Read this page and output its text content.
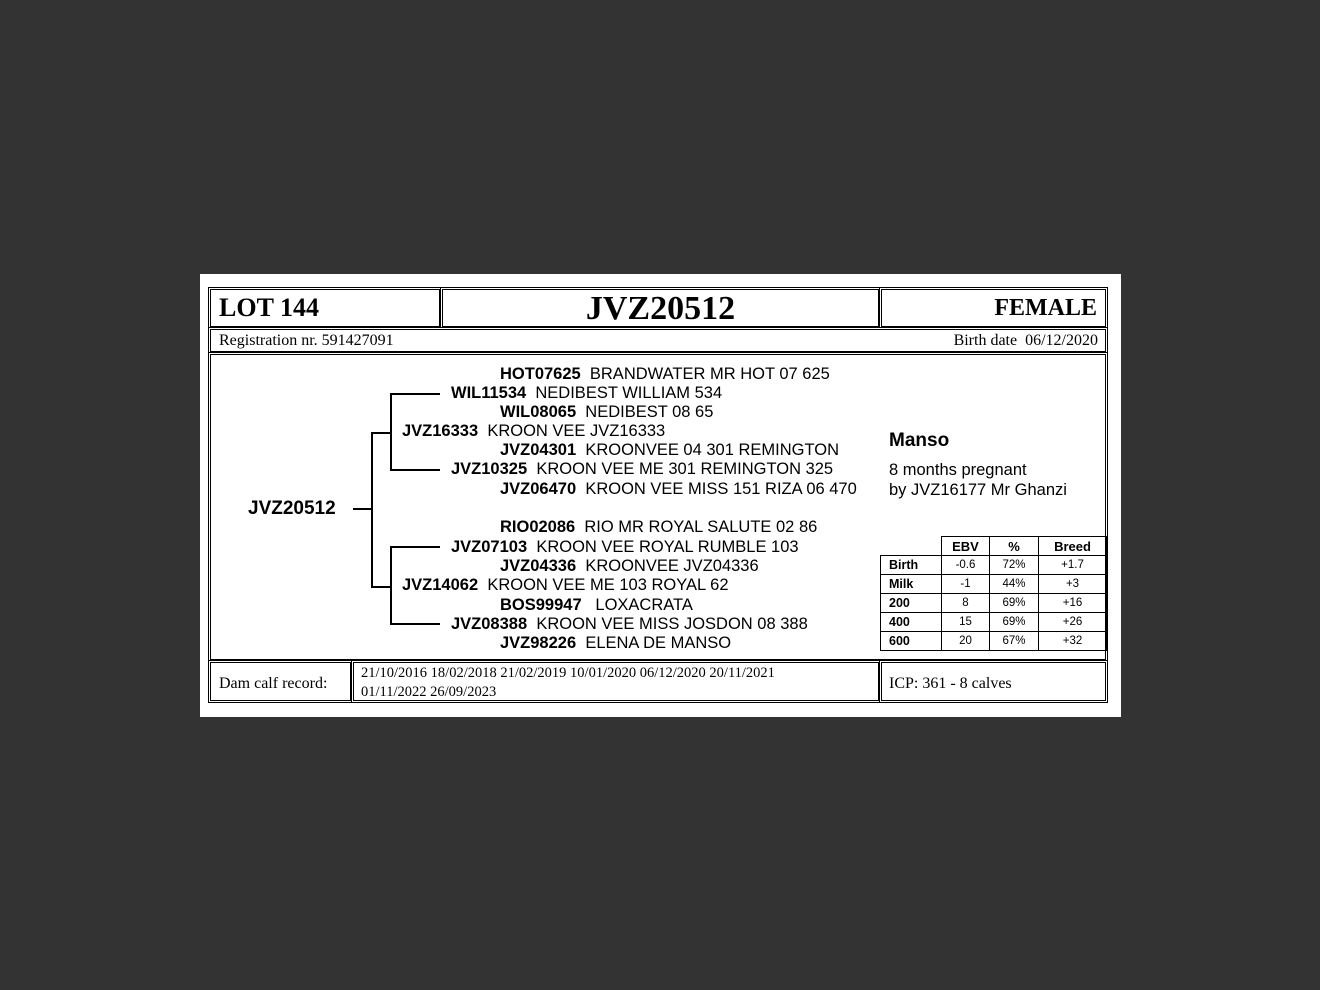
LOT 144	JVZ20512	FEMALE
Registration nr. 591427091	Birth date 06/12/2020
JVZ20512
HOT07625 BRANDWATER MR HOT 07 625
WIL11534 NEDIBEST WILLIAM 534
WIL08065 NEDIBEST 08 65
JVZ16333 KROON VEE JVZ16333
JVZ04301 KROONVEE 04 301 REMINGTON
JVZ10325 KROON VEE ME 301 REMINGTON 325
JVZ06470 KROON VEE MISS 151 RIZA 06 470
RIO02086 RIO MR ROYAL SALUTE 02 86
JVZ07103 KROON VEE ROYAL RUMBLE 103
JVZ04336 KROONVEE JVZ04336
JVZ14062 KROON VEE ME 103 ROYAL 62
BOS99947 LOXACRATA
JVZ08388 KROON VEE MISS JOSDON 08 388
JVZ98226 ELENA DE MANSO
Manso
8 months pregnant
by JVZ16177 Mr Ghanzi
	EBV	%	Breed
Birth	-0.6	72%	+1.7
Milk	-1	44%	+3
200	8	69%	+16
400	15	69%	+26
600	20	67%	+32
Dam calf record:
21/10/2016 18/02/2018 21/02/2019 10/01/2020 06/12/2020 20/11/2021
01/11/2022 26/09/2023	ICP: 361 - 8 calves
